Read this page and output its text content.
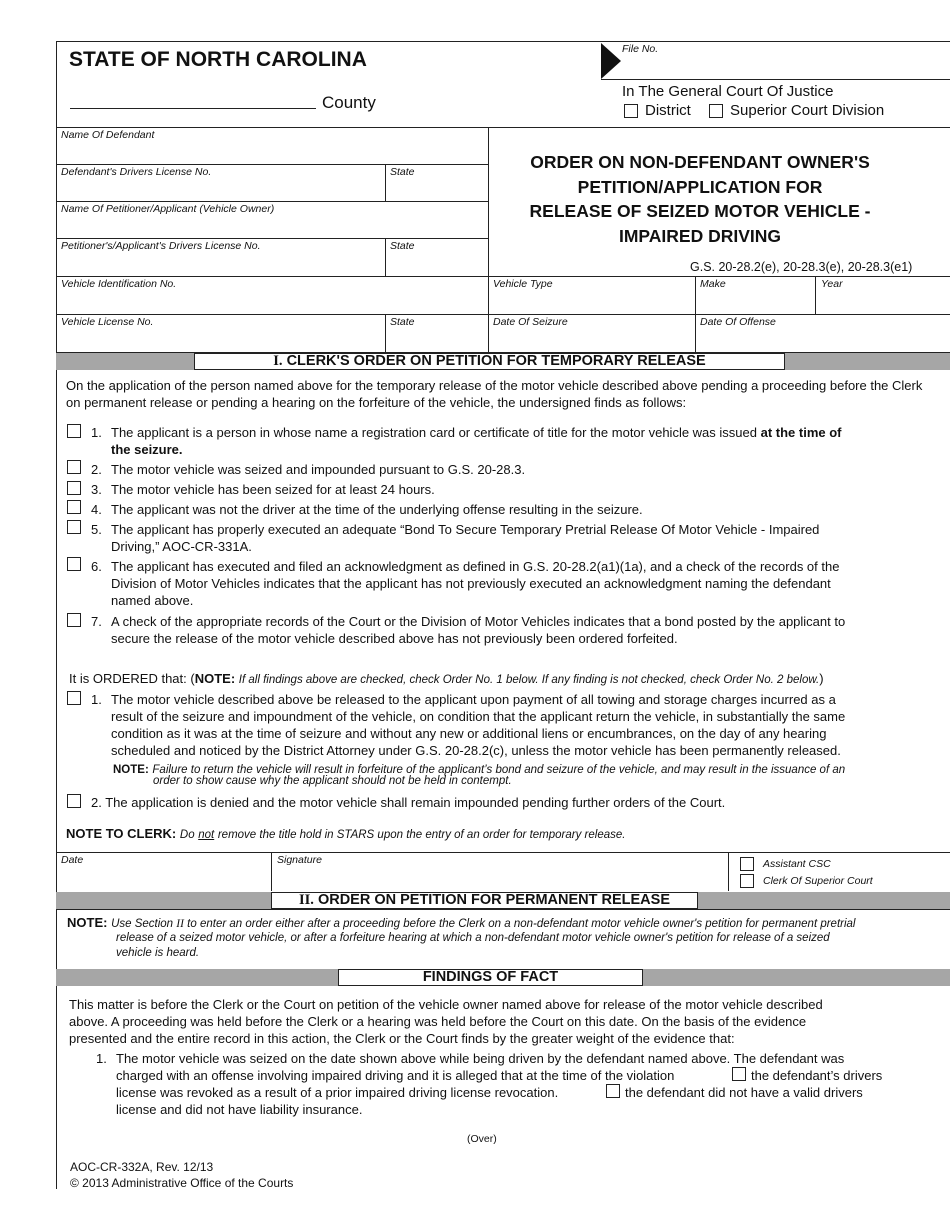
STATE OF NORTH CAROLINA
County
File No.
In The General Court Of Justice
District	Superior Court Division
Name Of Defendant
Defendant's Drivers License No.	State
Name Of Petitioner/Applicant (Vehicle Owner)
Petitioner's/Applicant's Drivers License No.	State
Vehicle Identification No.	Vehicle Type	Make	Year
Vehicle License No.	State	Date Of Seizure	Date Of Offense
ORDER ON NON-DEFENDANT OWNER'S
PETITION/APPLICATION FOR
RELEASE OF SEIZED MOTOR VEHICLE -
IMPAIRED DRIVING
G.S. 20-28.2(e), 20-28.3(e), 20-28.3(e1)
I. CLERK'S ORDER ON PETITION FOR TEMPORARY RELEASE
On the application of the person named above for the temporary release of the motor vehicle described above pending a proceeding before the Clerk on permanent release or pending a hearing on the forfeiture of the vehicle, the undersigned finds as follows:
1. The applicant is a person in whose name a registration card or certificate of title for the motor vehicle was issued at the time of
the seizure.
2. The motor vehicle was seized and impounded pursuant to G.S. 20-28.3.
3. The motor vehicle has been seized for at least 24 hours.
4. The applicant was not the driver at the time of the underlying offense resulting in the seizure.
5. The applicant has properly executed an adequate “Bond To Secure Temporary Pretrial Release Of Motor Vehicle - Impaired
Driving,” AOC-CR-331A.
6. The applicant has executed and filed an acknowledgment as defined in G.S. 20-28.2(a1)(1a), and a check of the records of the
Division of Motor Vehicles indicates that the applicant has not previously executed an acknowledgment naming the defendant
named above.
7. A check of the appropriate records of the Court or the Division of Motor Vehicles indicates that a bond posted by the applicant to
secure the release of the motor vehicle described above has not previously been ordered forfeited.
It is ORDERED that: (NOTE: If all findings above are checked, check Order No. 1 below. If any finding is not checked, check Order No. 2 below.)
1. The motor vehicle described above be released to the applicant upon payment of all towing and storage charges incurred as a
result of the seizure and impoundment of the vehicle, on condition that the applicant return the vehicle, in substantially the same
condition as it was at the time of seizure and without any new or additional liens or encumbrances, on the day of any hearing
scheduled and noticed by the District Attorney under G.S. 20-28.2(c), unless the motor vehicle has been permanently released.
NOTE: Failure to return the vehicle will result in forfeiture of the applicant’s bond and seizure of the vehicle, and may result in the issuance of an
order to show cause why the applicant should not be held in contempt.
2. The application is denied and the motor vehicle shall remain impounded pending further orders of the Court.
NOTE TO CLERK: Do not remove the title hold in STARS upon the entry of an order for temporary release.
Date	Signature	Assistant CSC
Clerk Of Superior Court
II. ORDER ON PETITION FOR PERMANENT RELEASE
NOTE: Use Section II to enter an order either after a proceeding before the Clerk on a non-defendant motor vehicle owner's petition for permanent pretrial
release of a seized motor vehicle, or after a forfeiture hearing at which a non-defendant motor vehicle owner's petition for release of a seized
vehicle is heard.
FINDINGS OF FACT
This matter is before the Clerk or the Court on petition of the vehicle owner named above for release of the motor vehicle described
above. A proceeding was held before the Clerk or a hearing was held before the Court on this date. On the basis of the evidence
presented and the entire record in this action, the Clerk or the Court finds by the greater weight of the evidence that:
1. The motor vehicle was seized on the date shown above while being driven by the defendant named above. The defendant was
charged with an offense involving impaired driving and it is alleged that at the time of the violation	the defendant’s drivers
license was revoked as a result of a prior impaired driving license revocation.	the defendant did not have a valid drivers
license and did not have liability insurance.
(Over)
AOC-CR-332A, Rev. 12/13
© 2013 Administrative Office of the Courts
